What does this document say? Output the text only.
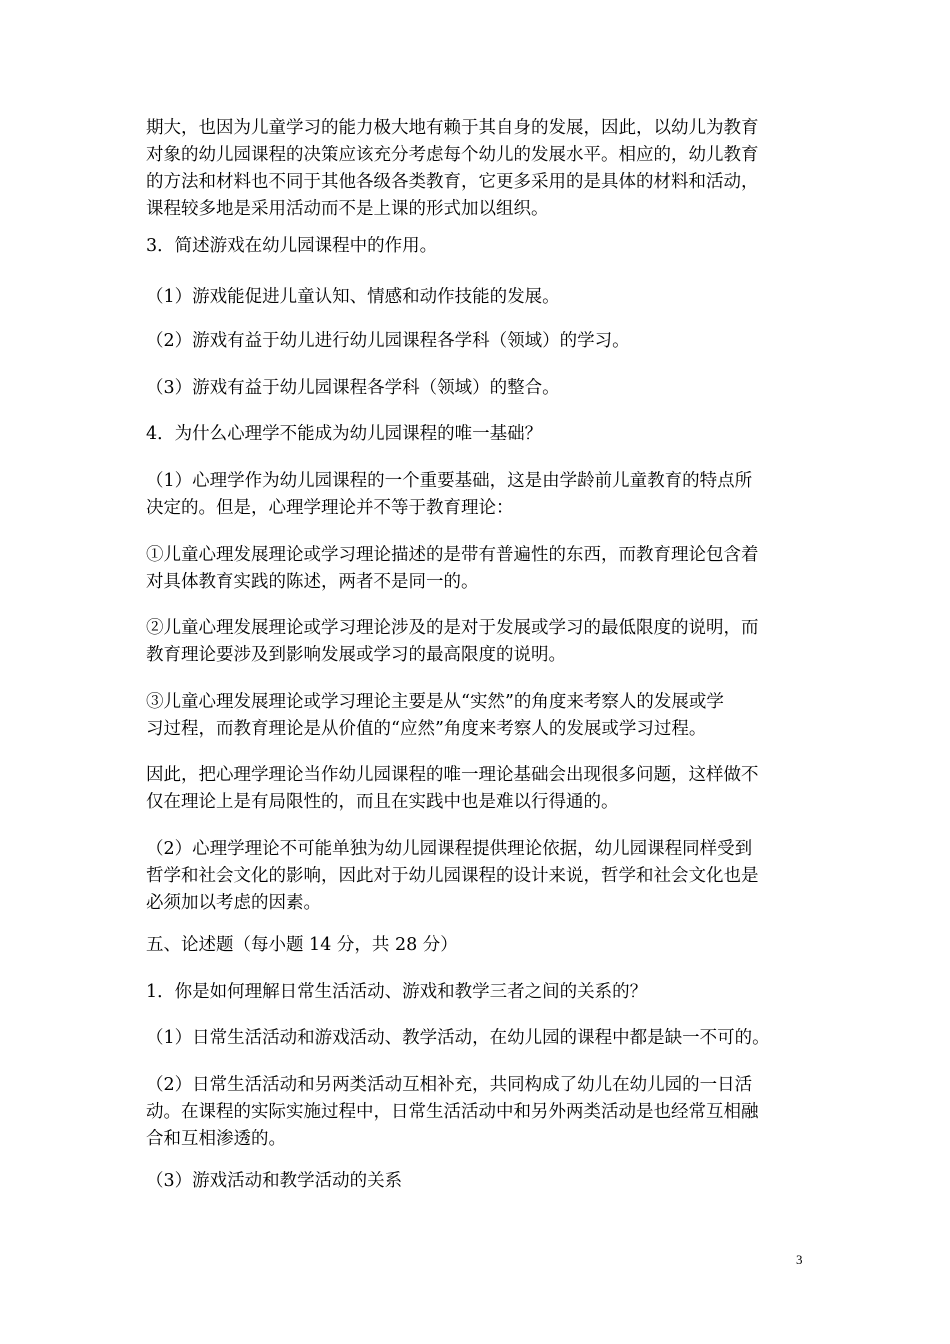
期大，也因为儿童学习的能力极大地有赖于其自身的发展，因此，以幼儿为教育
对象的幼儿园课程的决策应该充分考虑每个幼儿的发展水平。相应的，幼儿教育
的方法和材料也不同于其他各级各类教育，它更多采用的是具体的材料和活动，
课程较多地是采用活动而不是上课的形式加以组织。

3．简述游戏在幼儿园课程中的作用。

（1）游戏能促进儿童认知、情感和动作技能的发展。

（2）游戏有益于幼儿进行幼儿园课程各学科（领域）的学习。

（3）游戏有益于幼儿园课程各学科（领域）的整合。

4．为什么心理学不能成为幼儿园课程的唯一基础？

（1）心理学作为幼儿园课程的一个重要基础，这是由学龄前儿童教育的特点所
决定的。但是，心理学理论并不等于教育理论：

①儿童心理发展理论或学习理论描述的是带有普遍性的东西，而教育理论包含着
对具体教育实践的陈述，两者不是同一的。

②儿童心理发展理论或学习理论涉及的是对于发展或学习的最低限度的说明，而
教育理论要涉及到影响发展或学习的最高限度的说明。

③儿童心理发展理论或学习理论主要是从“实然”的角度来考察人的发展或学
习过程，而教育理论是从价值的“应然”角度来考察人的发展或学习过程。

因此，把心理学理论当作幼儿园课程的唯一理论基础会出现很多问题，这样做不
仅在理论上是有局限性的，而且在实践中也是难以行得通的。

（2）心理学理论不可能单独为幼儿园课程提供理论依据，幼儿园课程同样受到
哲学和社会文化的影响，因此对于幼儿园课程的设计来说，哲学和社会文化也是
必须加以考虑的因素。

五、论述题（每小题 14 分，共 28 分）

1．你是如何理解日常生活活动、游戏和教学三者之间的关系的？

（1）日常生活活动和游戏活动、教学活动，在幼儿园的课程中都是缺一不可的。

（2）日常生活活动和另两类活动互相补充，共同构成了幼儿在幼儿园的一日活
动。在课程的实际实施过程中，日常生活活动中和另外两类活动是也经常互相融
合和互相渗透的。

（3）游戏活动和教学活动的关系

3
